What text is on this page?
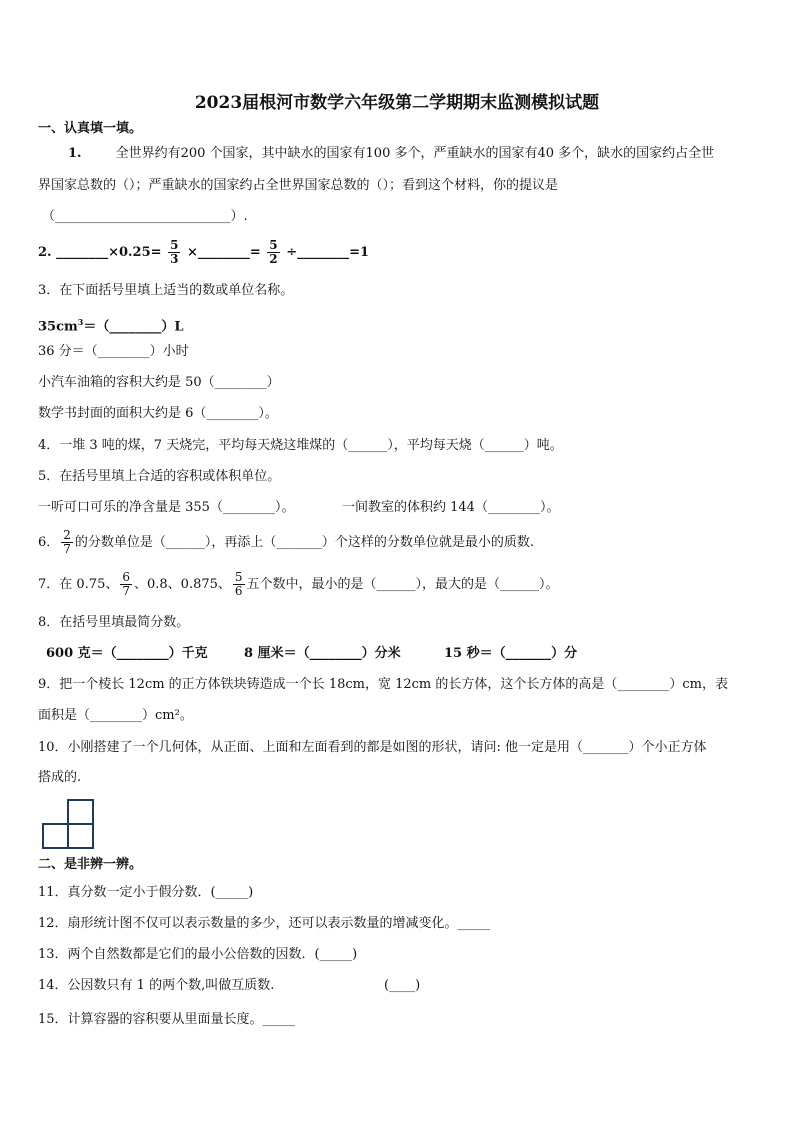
2023届根河市数学六年级第二学期期末监测模拟试题
一、认真填一填。
1.	全世界约有200 个国家，其中缺水的国家有100 多个，严重缺水的国家有40 多个，缺水的国家约占全世
界国家总数的（）；严重缺水的国家约占全世界国家总数的（）；看到这个材料，你的提议是
（___________________________）.
2. ________×0.25= $\frac{5}{3}$ ×________= $\frac{5}{2}$ ÷________=1
3．在下面括号里填上适当的数或单位名称。
$35cm^3=(\_\_\_\_\_\_\_\_)L$
36 分＝（________）小时
小汽车油箱的容积大约是 50（________）
数学书封面的面积大约是 6（________）。
4．一堆 3 吨的煤，7 天烧完，平均每天烧这堆煤的（______），平均每天烧（______）吨。
5．在括号里填上合适的容积或体积单位。
一听可口可乐的净含量是 355（________）。	一间教室的体积约 144（________）。
6． $\frac{2}{7}$ 的分数单位是（______），再添上（_______）个这样的分数单位就是最小的质数.
7．在 0.75、 $\frac{6}{7}$ 、0.8、0.875、 $\frac{5}{6}$ 五个数中，最小的是（______），最大的是（______）。
8．在括号里填最简分数。
600 克＝（________）千克	8 厘米＝（________）分米	15 秒＝（_______）分
9．把一个棱长 12cm 的正方体铁块铸造成一个长 18cm，宽 12cm 的长方体，这个长方体的高是（________）cm，表
面积是（________）cm²。
10．小刚搭建了一个几何体，从正面、上面和左面看到的都是如图的形状，请问: 他一定是用（_______）个小正方体
搭成的.
二、是非辨一辨。
11．真分数一定小于假分数．(_____)
12．扇形统计图不仅可以表示数量的多少，还可以表示数量的增减变化。_____
13．两个自然数都是它们的最小公倍数的因数．(_____)
14．公因数只有 1 的两个数,叫做互质数.	(____)
15．计算容器的容积要从里面量长度。_____
